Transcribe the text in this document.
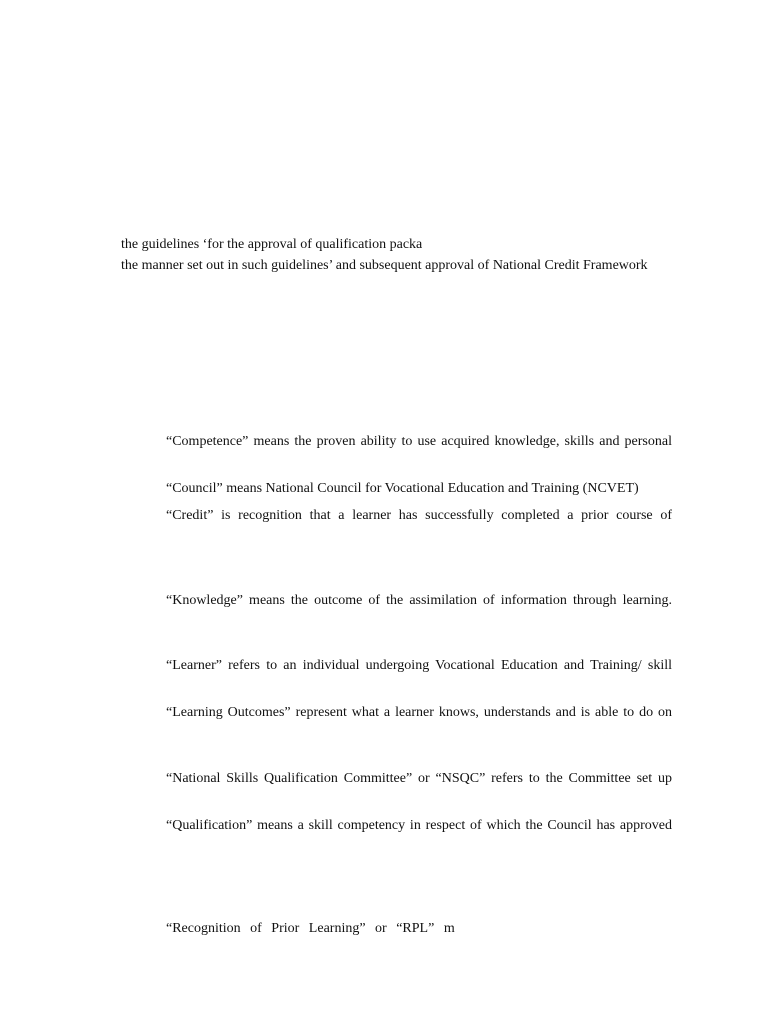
the guidelines ‘for the approval of qualification packa
the manner set out in such guidelines’ and subsequent approval of National Credit Framework
“Competence” means the proven ability to use acquired knowledge, skills and personal
“Council” means National Council for Vocational Education and Training (NCVET)
“Credit” is recognition that a learner has successfully completed a prior course of
“Knowledge” means the outcome of the assimilation of information through learning.
“Learner” refers to an individual undergoing Vocational Education and Training/ skill
“Learning Outcomes” represent what a learner knows, understands and is able to do on
“National Skills Qualification Committee” or “NSQC” refers to the Committee set up
“Qualification” means a skill competency in respect of which the Council has approved
“Recognition of Prior Learning” or “RPL” m
